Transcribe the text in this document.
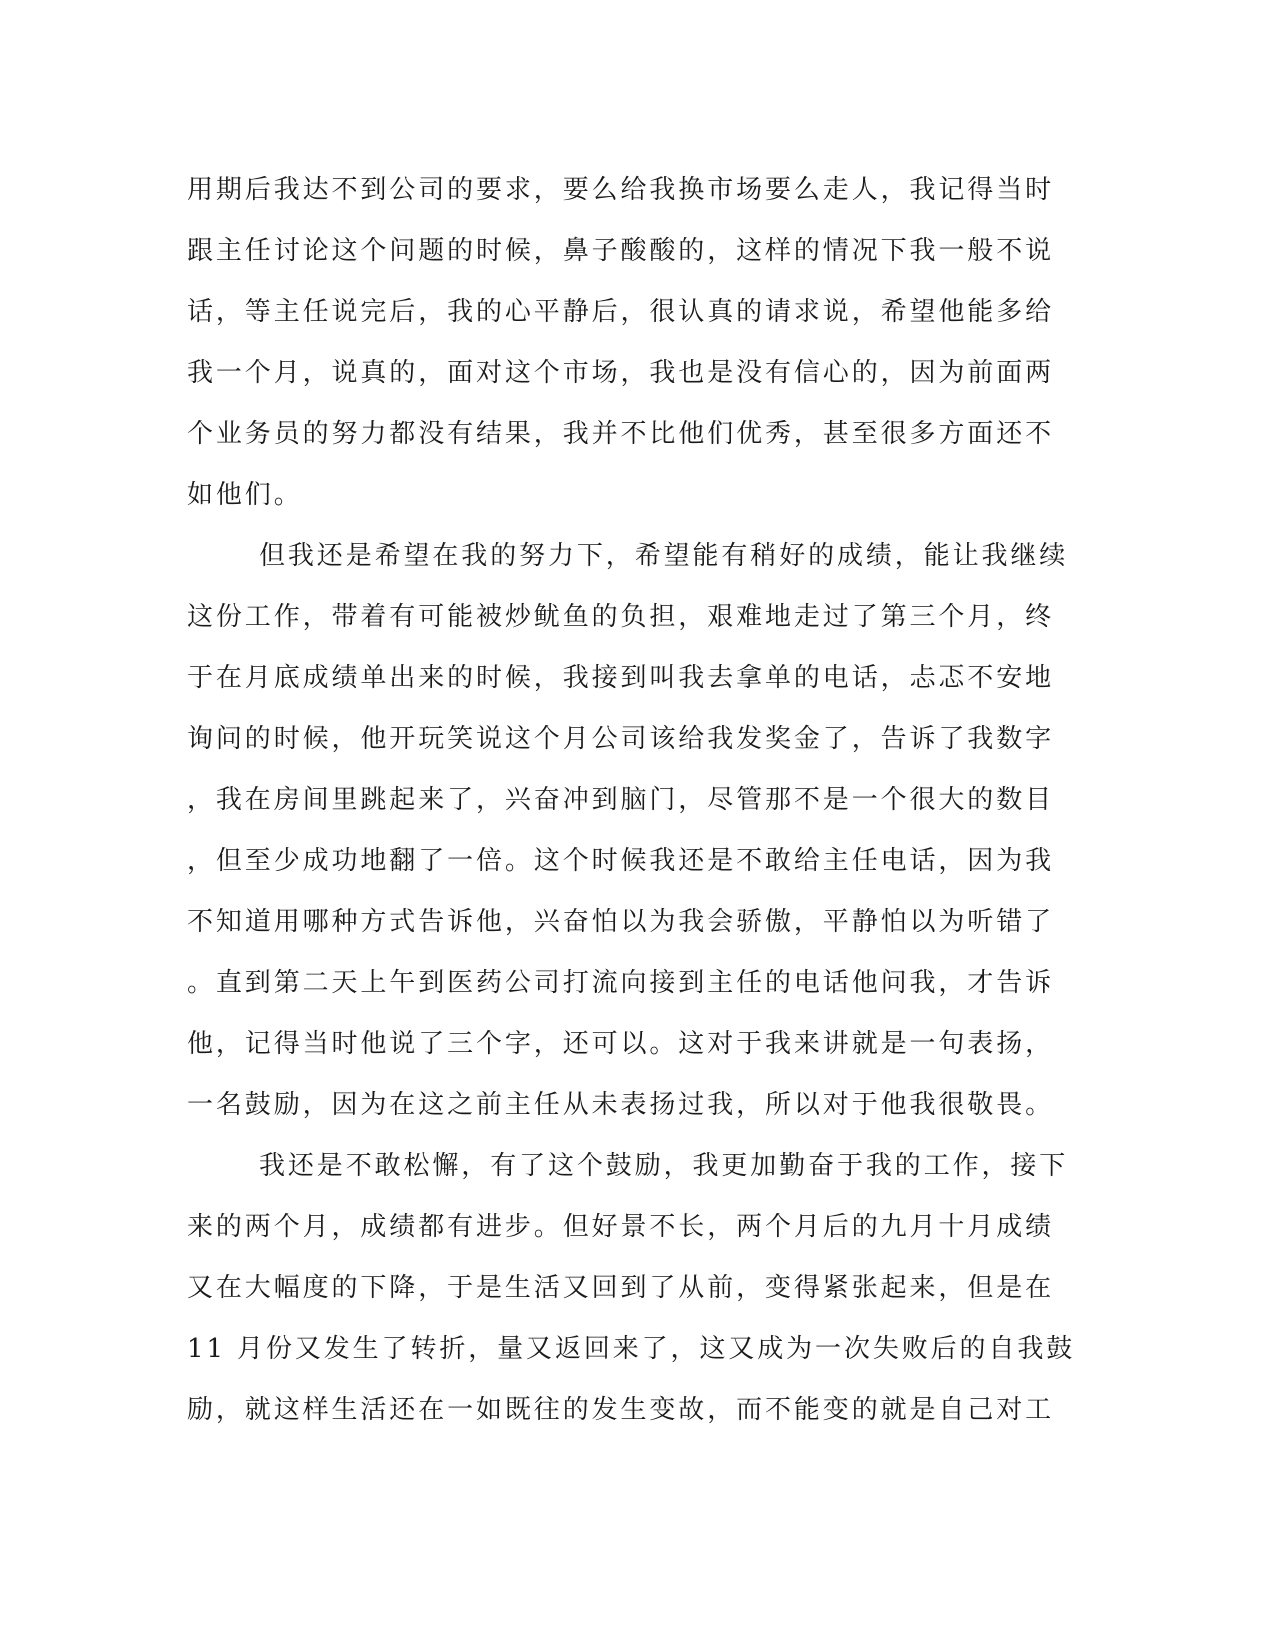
用期后我达不到公司的要求，要么给我换市场要么走人，我记得当时
跟主任讨论这个问题的时候，鼻子酸酸的，这样的情况下我一般不说
话，等主任说完后，我的心平静后，很认真的请求说，希望他能多给
我一个月，说真的，面对这个市场，我也是没有信心的，因为前面两
个业务员的努力都没有结果，我并不比他们优秀，甚至很多方面还不
如他们。
但我还是希望在我的努力下，希望能有稍好的成绩，能让我继续
这份工作，带着有可能被炒鱿鱼的负担，艰难地走过了第三个月，终
于在月底成绩单出来的时候，我接到叫我去拿单的电话，忐忑不安地
询问的时候，他开玩笑说这个月公司该给我发奖金了，告诉了我数字
，我在房间里跳起来了，兴奋冲到脑门，尽管那不是一个很大的数目
，但至少成功地翻了一倍。这个时候我还是不敢给主任电话，因为我
不知道用哪种方式告诉他，兴奋怕以为我会骄傲，平静怕以为听错了
。直到第二天上午到医药公司打流向接到主任的电话他问我，才告诉
他，记得当时他说了三个字，还可以。这对于我来讲就是一句表扬，
一名鼓励，因为在这之前主任从未表扬过我，所以对于他我很敬畏。
我还是不敢松懈，有了这个鼓励，我更加勤奋于我的工作，接下
来的两个月，成绩都有进步。但好景不长，两个月后的九月十月成绩
又在大幅度的下降，于是生活又回到了从前，变得紧张起来，但是在
11 月份又发生了转折，量又返回来了，这又成为一次失败后的自我鼓
励，就这样生活还在一如既往的发生变故，而不能变的就是自己对工
